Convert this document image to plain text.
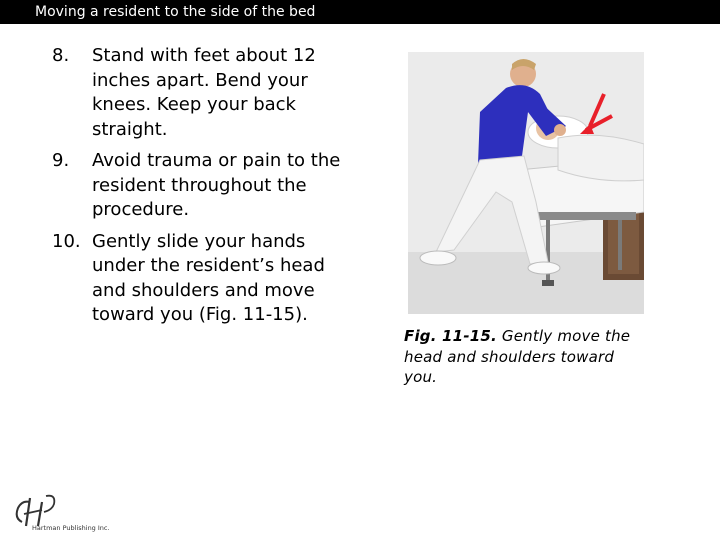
Moving a resident to the side of the bed
8. Stand with feet about 12 inches apart. Bend your knees. Keep your back straight.
9. Avoid trauma or pain to the resident throughout the procedure.
10. Gently slide your hands under the resident’s head and shoulders and move toward you (Fig. 11-15).
Fig. 11-15. Gently move the head and shoulders toward you.
Hartman Publishing Inc.
